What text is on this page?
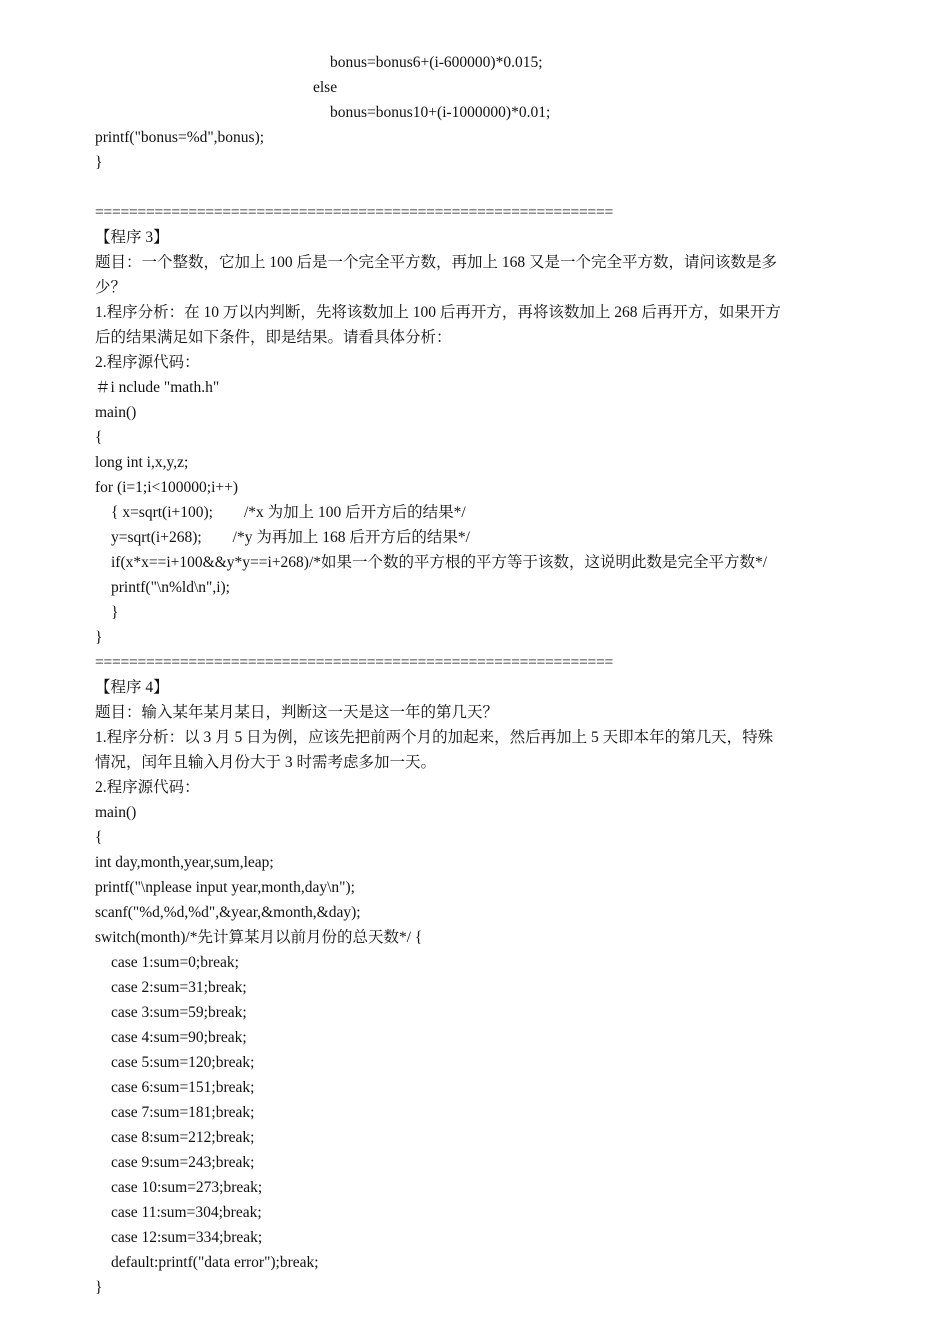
bonus=bonus6+(i-600000)*0.015;
else
bonus=bonus10+(i-1000000)*0.01;
printf("bonus=%d",bonus);
}
=============================================================
【程序 3】
题目：一个整数，它加上 100 后是一个完全平方数，再加上 168 又是一个完全平方数，请问该数是多
少？
1.程序分析：在 10 万以内判断，先将该数加上 100 后再开方，再将该数加上 268 后再开方，如果开方
后的结果满足如下条件，即是结果。请看具体分析：
2.程序源代码：
＃i nclude "math.h"
main()
{
long int i,x,y,z;
for (i=1;i<100000;i++)
{ x=sqrt(i+100);        /*x 为加上 100 后开方后的结果*/
y=sqrt(i+268);        /*y 为再加上 168 后开方后的结果*/
if(x*x==i+100&&y*y==i+268)/*如果一个数的平方根的平方等于该数，这说明此数是完全平方数*/
printf("\n%ld\n",i);
}
}
=============================================================
【程序 4】
题目：输入某年某月某日，判断这一天是这一年的第几天？
1.程序分析：以 3 月 5 日为例，应该先把前两个月的加起来，然后再加上 5 天即本年的第几天，特殊
情况，闰年且输入月份大于 3 时需考虑多加一天。
2.程序源代码：
main()
{
int day,month,year,sum,leap;
printf("\nplease input year,month,day\n");
scanf("%d,%d,%d",&year,&month,&day);
switch(month)/*先计算某月以前月份的总天数*/ {
case 1:sum=0;break;
case 2:sum=31;break;
case 3:sum=59;break;
case 4:sum=90;break;
case 5:sum=120;break;
case 6:sum=151;break;
case 7:sum=181;break;
case 8:sum=212;break;
case 9:sum=243;break;
case 10:sum=273;break;
case 11:sum=304;break;
case 12:sum=334;break;
default:printf("data error");break;
}
